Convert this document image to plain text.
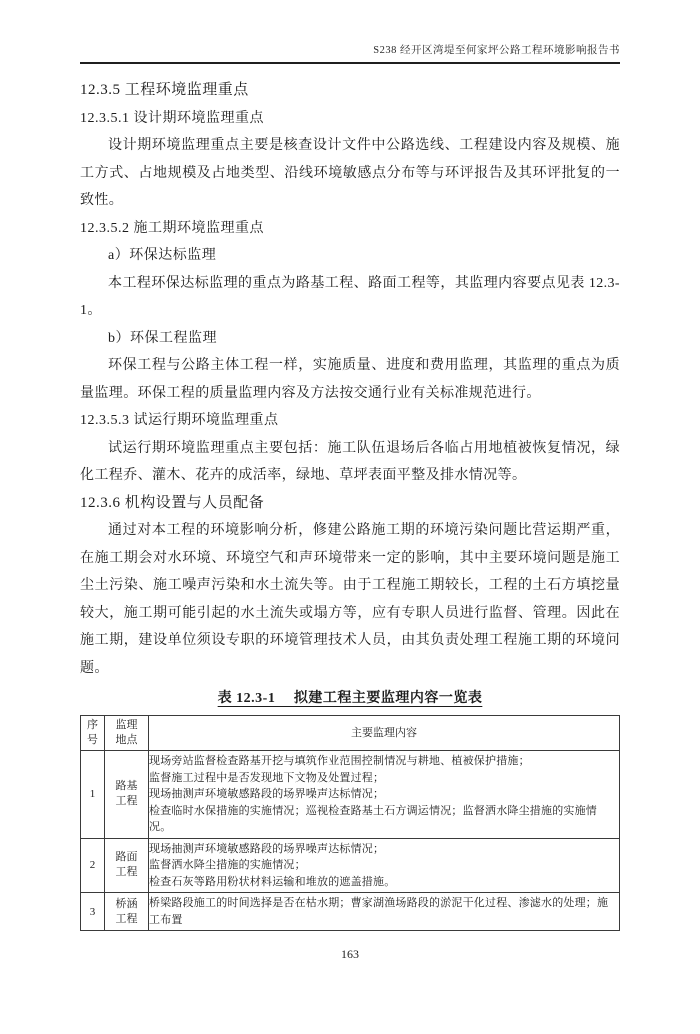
S238 经开区湾堤至何家坪公路工程环境影响报告书
12.3.5 工程环境监理重点
12.3.5.1 设计期环境监理重点
设计期环境监理重点主要是核查设计文件中公路选线、工程建设内容及规模、施工方式、占地规模及占地类型、沿线环境敏感点分布等与环评报告及其环评批复的一致性。
12.3.5.2 施工期环境监理重点
a）环保达标监理
本工程环保达标监理的重点为路基工程、路面工程等，其监理内容要点见表 12.3-1。
b）环保工程监理
环保工程与公路主体工程一样，实施质量、进度和费用监理，其监理的重点为质量监理。环保工程的质量监理内容及方法按交通行业有关标准规范进行。
12.3.5.3 试运行期环境监理重点
试运行期环境监理重点主要包括：施工队伍退场后各临占用地植被恢复情况，绿化工程乔、灌木、花卉的成活率，绿地、草坪表面平整及排水情况等。
12.3.6 机构设置与人员配备
通过对本工程的环境影响分析，修建公路施工期的环境污染问题比营运期严重，在施工期会对水环境、环境空气和声环境带来一定的影响，其中主要环境问题是施工尘土污染、施工噪声污染和水土流失等。由于工程施工期较长，工程的土石方填挖量较大，施工期可能引起的水土流失或塌方等，应有专职人员进行监督、管理。因此在施工期，建设单位须设专职的环境管理技术人员，由其负责处理工程施工期的环境问题。
表 12.3-1　 拟建工程主要监理内容一览表
序号	监理地点	主要监理内容

1	路基工程	现场旁站监督检查路基开挖与填筑作业范围控制情况与耕地、植被保护措施；
监督施工过程中是否发现地下文物及处置过程；
现场抽测声环境敏感路段的场界噪声达标情况；
检查临时水保措施的实施情况；巡视检查路基土石方调运情况；监督洒水降尘措施的实施情况。

2	路面工程	现场抽测声环境敏感路段的场界噪声达标情况；
监督洒水降尘措施的实施情况；
检查石灰等路用粉状材料运输和堆放的遮盖措施。

3	桥涵工程	桥梁路段施工的时间选择是否在枯水期；曹家湖渔场路段的淤泥干化过程、渗滤水的处理；施工布置
163
